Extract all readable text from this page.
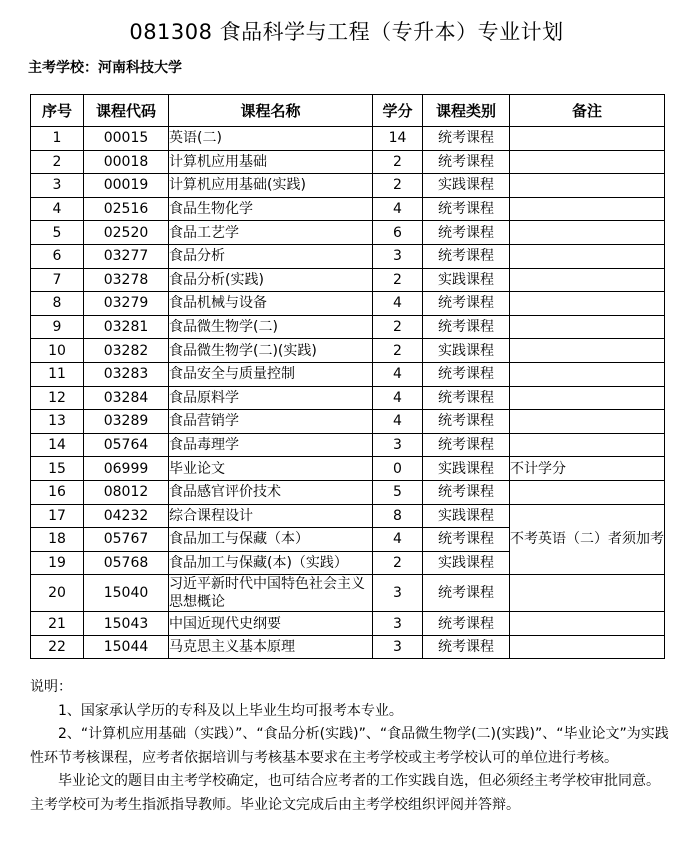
081308 食品科学与工程（专升本）专业计划
主考学校：河南科技大学
序号	课程代码	课程名称	学分	课程类别	备注
1	00015	英语(二)	14	统考课程	
2	00018	计算机应用基础	2	统考课程	
3	00019	计算机应用基础(实践)	2	实践课程	
4	02516	食品生物化学	4	统考课程	
5	02520	食品工艺学	6	统考课程	
6	03277	食品分析	3	统考课程	
7	03278	食品分析(实践)	2	实践课程	
8	03279	食品机械与设备	4	统考课程	
9	03281	食品微生物学(二)	2	统考课程	
10	03282	食品微生物学(二)(实践)	2	实践课程	
11	03283	食品安全与质量控制	4	统考课程	
12	03284	食品原料学	4	统考课程	
13	03289	食品营销学	4	统考课程	
14	05764	食品毒理学	3	统考课程	
15	06999	毕业论文	0	实践课程	不计学分
16	08012	食品感官评价技术	5	统考课程	
17	04232	综合课程设计	8	实践课程	不考英语（二）者须加考
18	05767	食品加工与保藏（本）	4	统考课程	
19	05768	食品加工与保藏(本)（实践）	2	实践课程	
20	15040	习近平新时代中国特色社会主义思想概论	3	统考课程	
21	15043	中国近现代史纲要	3	统考课程	
22	15044	马克思主义基本原理	3	统考课程	

说明：

1、国家承认学历的专科及以上毕业生均可报考本专业。

2、“计算机应用基础（实践）”、“食品分析(实践)”、“食品微生物学(二)(实践)”、“毕业论文”为实践性环节考核课程，应考者依据培训与考核基本要求在主考学校或主考学校认可的单位进行考核。

毕业论文的题目由主考学校确定，也可结合应考者的工作实践自选，但必须经主考学校审批同意。主考学校可为考生指派指导教师。毕业论文完成后由主考学校组织评阅并答辩。
